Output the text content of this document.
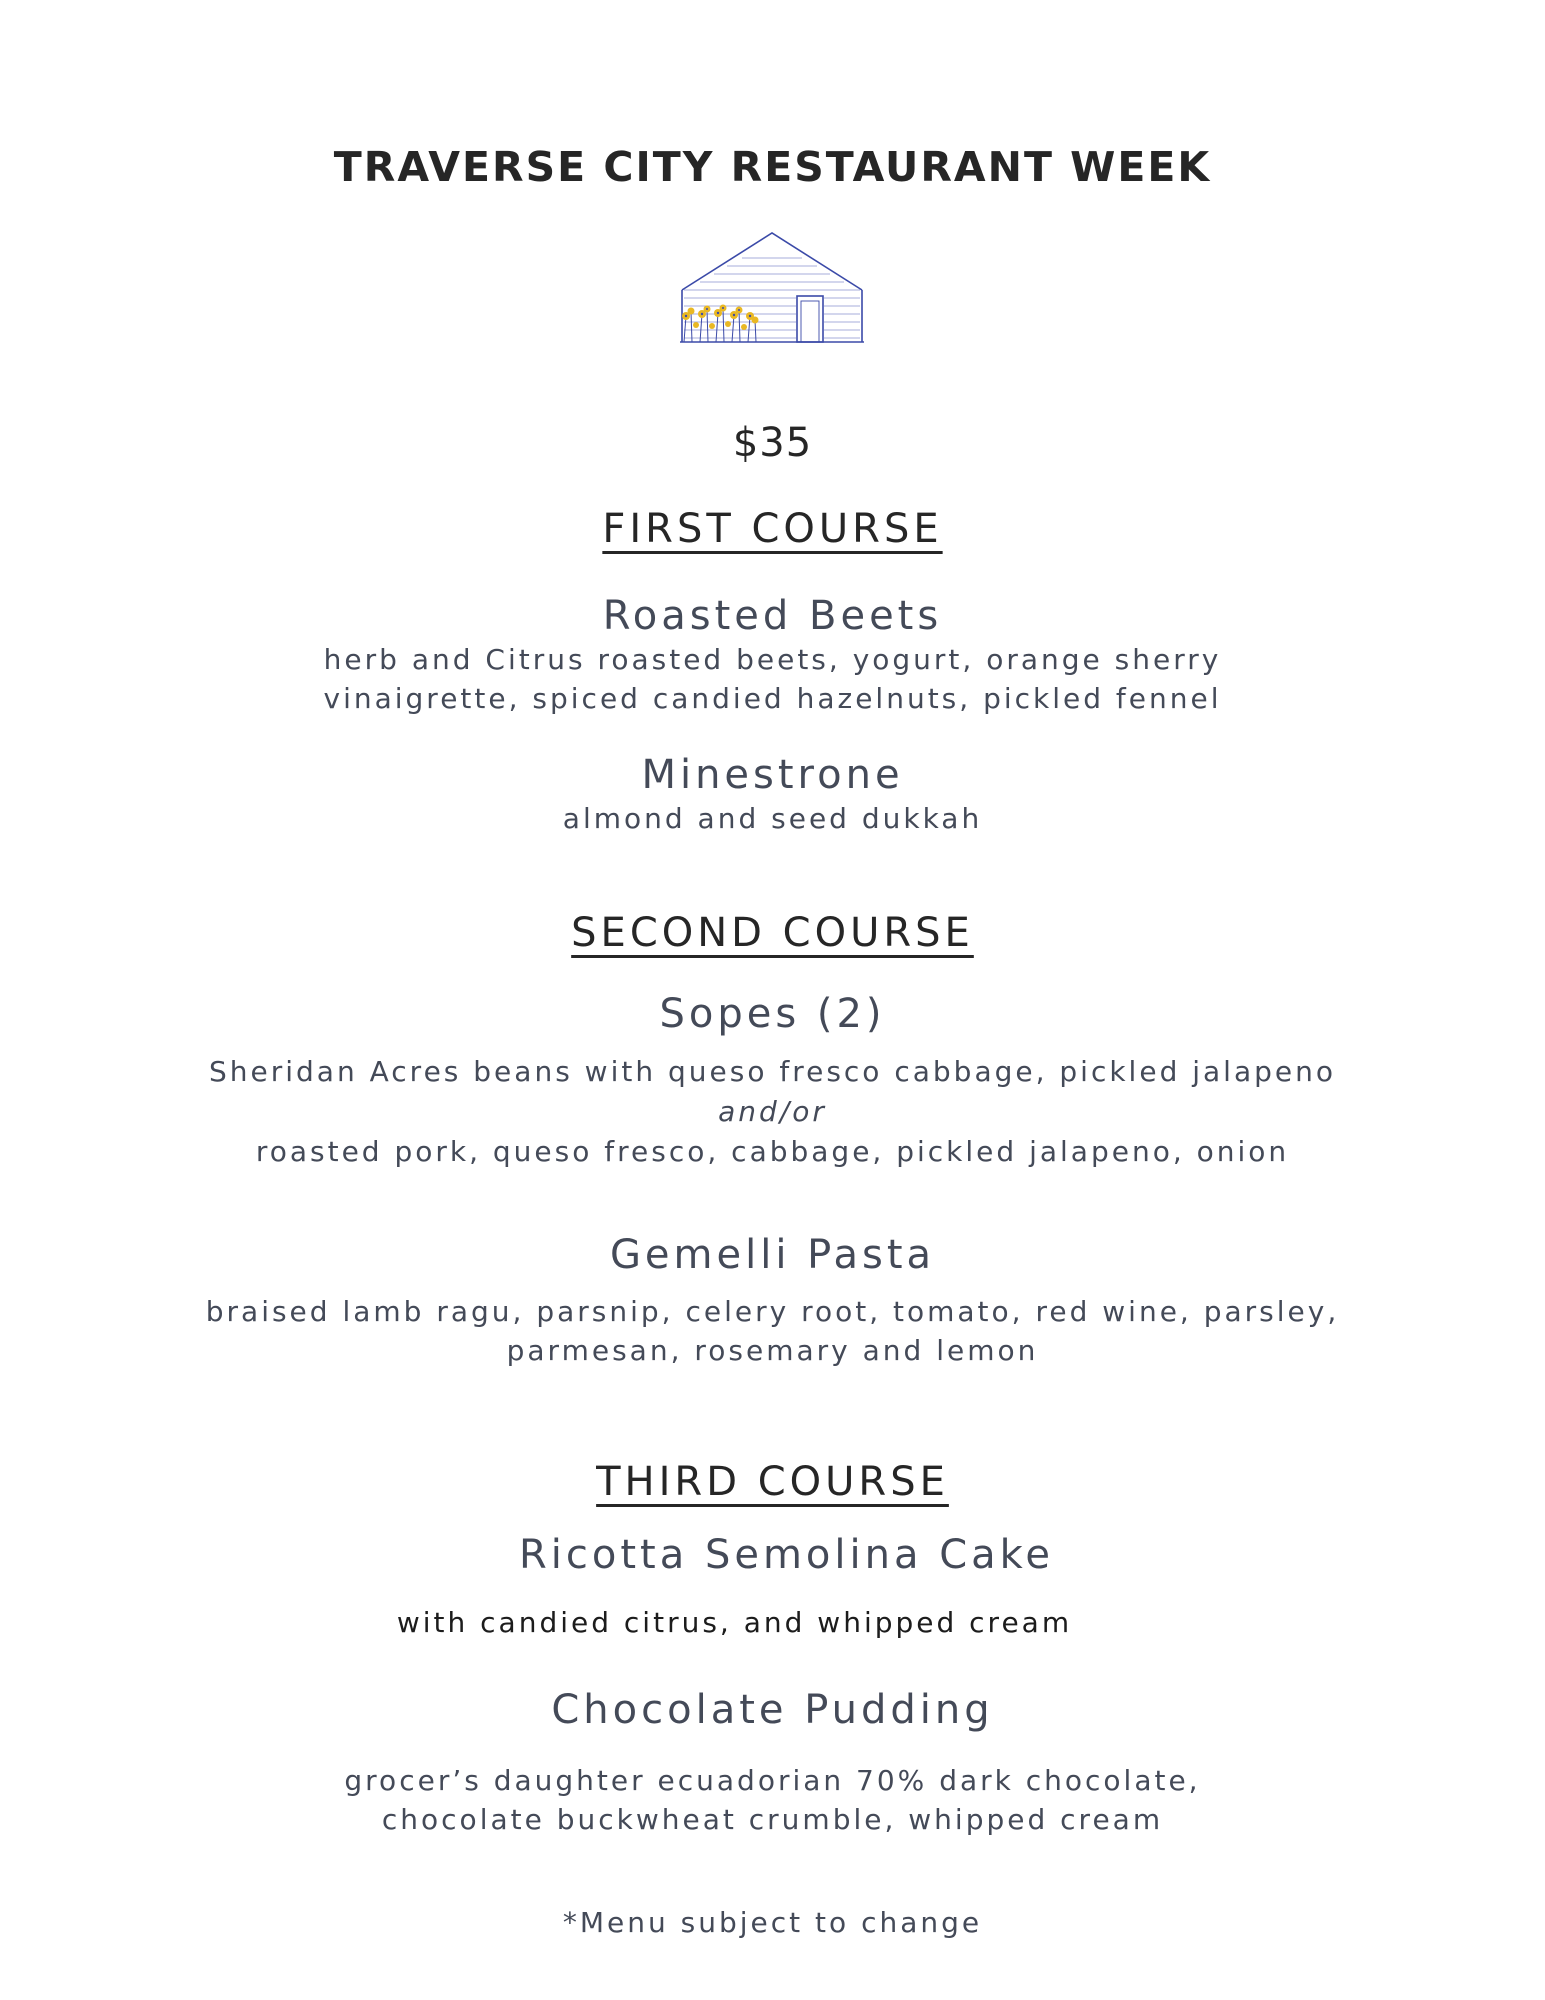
TRAVERSE CITY RESTAURANT WEEK
$35
FIRST COURSE
Roasted Beets
herb and Citrus roasted beets, yogurt, orange sherry
vinaigrette, spiced candied hazelnuts, pickled fennel
Minestrone
almond and seed dukkah
SECOND COURSE
Sopes (2)
Sheridan Acres beans with queso fresco cabbage, pickled jalapeno
and/or
roasted pork, queso fresco, cabbage, pickled jalapeno, onion
Gemelli Pasta
braised lamb ragu, parsnip, celery root, tomato, red wine, parsley,
parmesan, rosemary and lemon
THIRD COURSE
Ricotta Semolina Cake
with candied citrus, and whipped cream
Chocolate Pudding
grocer’s daughter ecuadorian 70% dark chocolate,
chocolate buckwheat crumble, whipped cream
*Menu subject to change
